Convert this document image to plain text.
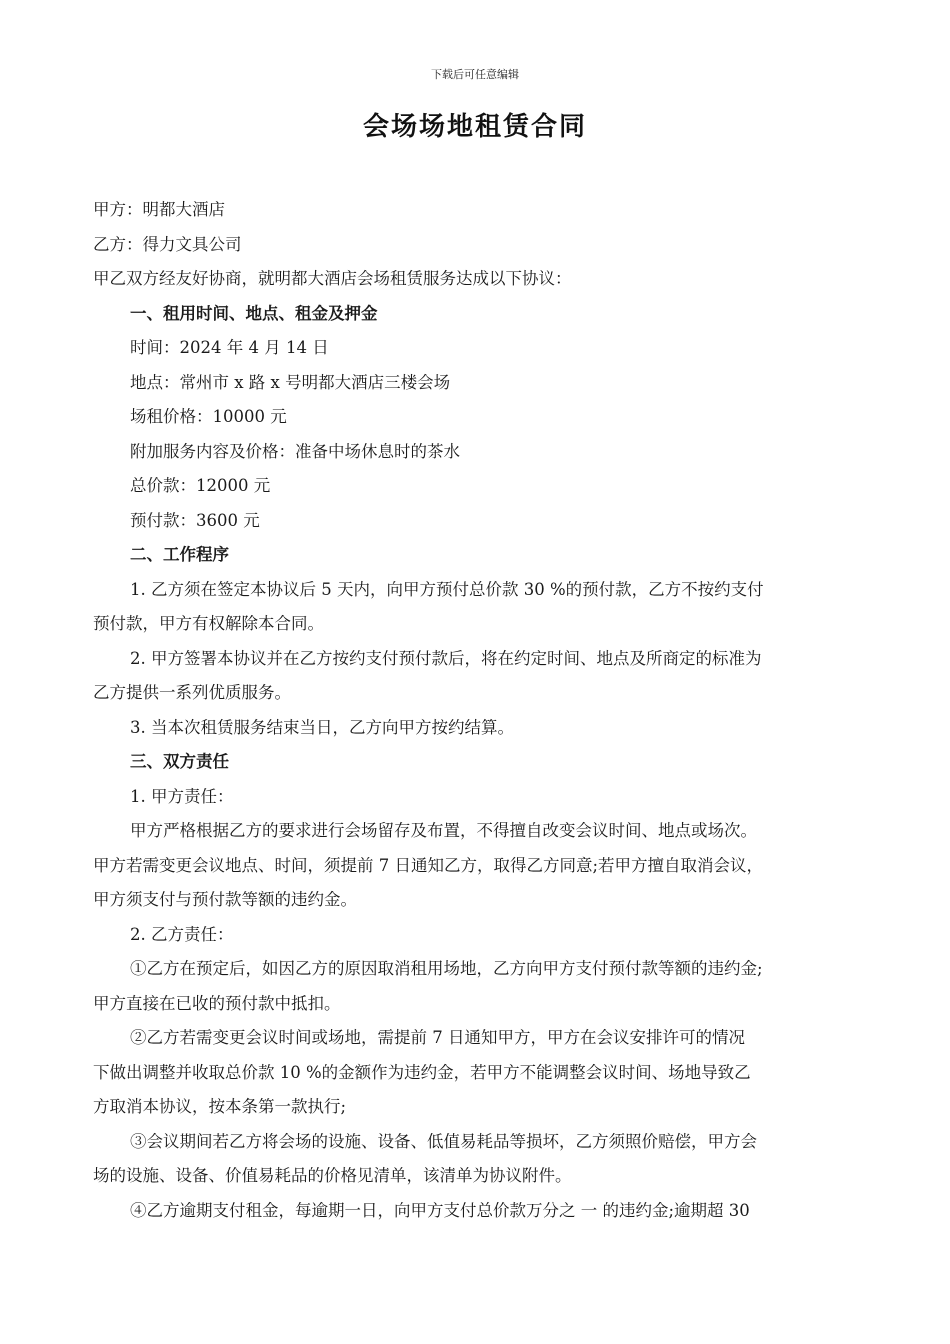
下载后可任意编辑
会场场地租赁合同
甲方：明都大酒店
乙方：得力文具公司
甲乙双方经友好协商，就明都大酒店会场租赁服务达成以下协议：
一、租用时间、地点、租金及押金
时间：2024 年 4 月 14 日
地点：常州市 x 路 x 号明都大酒店三楼会场
场租价格：10000 元
附加服务内容及价格：准备中场休息时的茶水
总价款：12000 元
预付款：3600 元
二、工作程序
1. 乙方须在签定本协议后 5 天内，向甲方预付总价款 30 %的预付款，乙方不按约支付
预付款，甲方有权解除本合同。
2. 甲方签署本协议并在乙方按约支付预付款后，将在约定时间、地点及所商定的标准为
乙方提供一系列优质服务。
3. 当本次租赁服务结束当日，乙方向甲方按约结算。
三、双方责任
1. 甲方责任：
甲方严格根据乙方的要求进行会场留存及布置，不得擅自改变会议时间、地点或场次。
甲方若需变更会议地点、时间，须提前 7 日通知乙方，取得乙方同意;若甲方擅自取消会议，
甲方须支付与预付款等额的违约金。
2. 乙方责任：
①乙方在预定后，如因乙方的原因取消租用场地，乙方向甲方支付预付款等额的违约金;
甲方直接在已收的预付款中抵扣。
②乙方若需变更会议时间或场地，需提前 7 日通知甲方，甲方在会议安排许可的情况
下做出调整并收取总价款 10 %的金额作为违约金，若甲方不能调整会议时间、场地导致乙
方取消本协议，按本条第一款执行;
③会议期间若乙方将会场的设施、设备、低值易耗品等损坏，乙方须照价赔偿，甲方会
场的设施、设备、价值易耗品的价格见清单，该清单为协议附件。
④乙方逾期支付租金，每逾期一日，向甲方支付总价款万分之 一 的违约金;逾期超 30
